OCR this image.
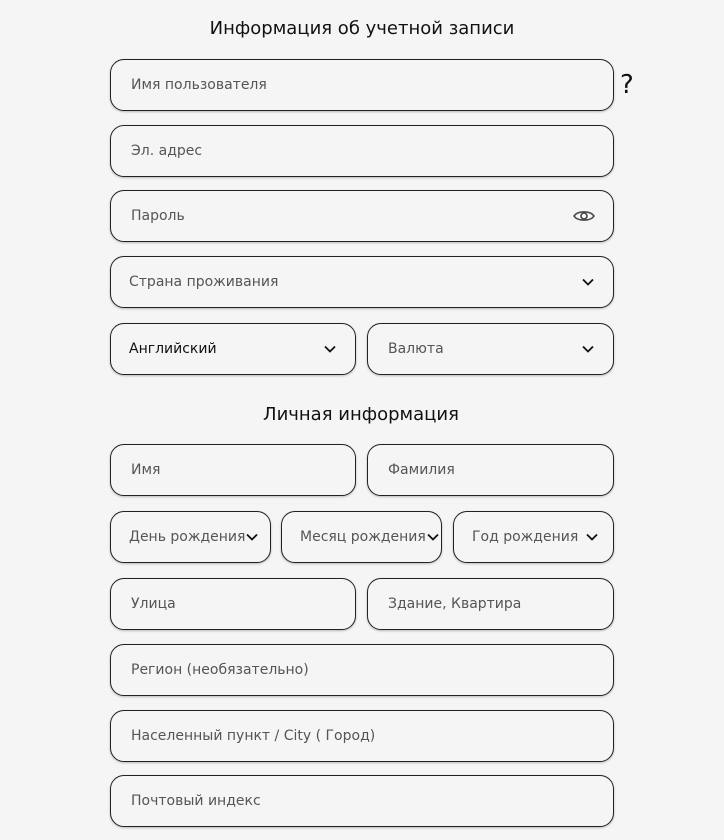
Информация об учетной записи
Имя пользователя	?
Эл. адрес
Пароль
Страна проживания
Английский	Валюта
Личная информация
Имя	Фамилия
День рождения	Месяц рождения	Год рождения
Улица	Здание, Квартира
Регион (необязательно)
Населенный пункт / City ( Город)
Почтовый индекс
